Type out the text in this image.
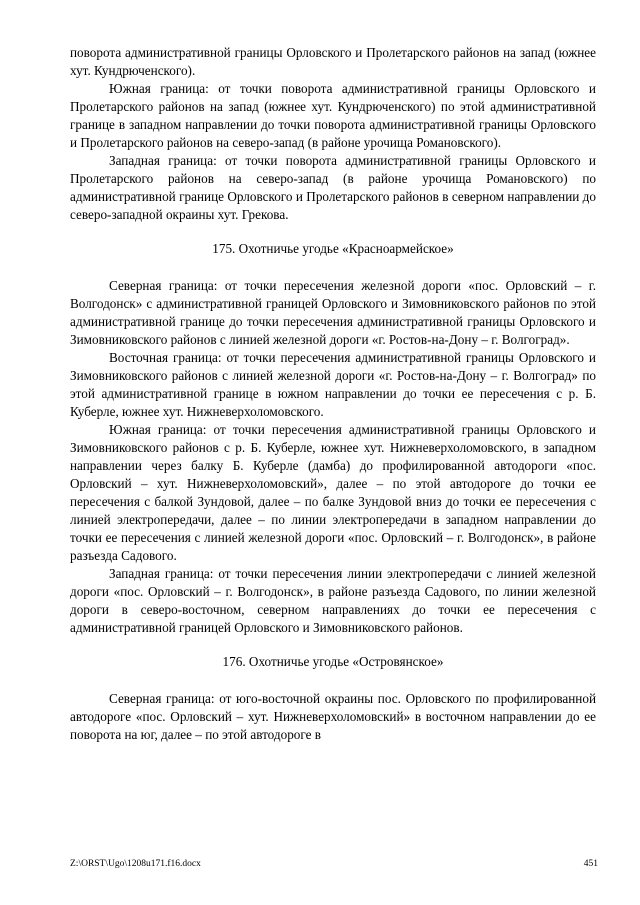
поворота административной границы Орловского и Пролетарского районов на запад (южнее хут. Кундрюченского).

Южная граница: от точки поворота административной границы Орловского и Пролетарского районов на запад (южнее хут. Кундрюченского) по этой административной границе в западном направлении до точки поворота административной границы Орловского и Пролетарского районов на северо-запад (в районе урочища Романовского).

Западная граница: от точки поворота административной границы Орловского и Пролетарского районов на северо-запад (в районе урочища Романовского) по административной границе Орловского и Пролетарского районов в северном направлении до северо-западной окраины хут. Грекова.

175. Охотничье угодье «Красноармейское»

Северная граница: от точки пересечения железной дороги «пос. Орловский – г. Волгодонск» с административной границей Орловского и Зимовниковского районов по этой административной границе до точки пересечения административной границы Орловского и Зимовниковского районов с линией железной дороги «г. Ростов-на-Дону – г. Волгоград».

Восточная граница: от точки пересечения административной границы Орловского и Зимовниковского районов с линией железной дороги «г. Ростов-на-Дону – г. Волгоград» по этой административной границе в южном направлении до точки ее пересечения с р. Б. Куберле, южнее хут. Нижневерхоломовского.

Южная граница: от точки пересечения административной границы Орловского и Зимовниковского районов с р. Б. Куберле, южнее хут. Нижневерхоломовского, в западном направлении через балку Б. Куберле (дамба) до профилированной автодороги «пос. Орловский – хут. Нижневерхоломовский», далее – по этой автодороге до точки ее пересечения с балкой Зундовой, далее – по балке Зундовой вниз до точки ее пересечения с линией электропередачи, далее – по линии электропередачи в западном направлении до точки ее пересечения с линией железной дороги «пос. Орловский – г. Волгодонск», в районе разъезда Садового.

Западная граница: от точки пересечения линии электропередачи с линией железной дороги «пос. Орловский – г. Волгодонск», в районе разъезда Садового, по линии железной дороги в северо-восточном, северном направлениях до точки ее пересечения с административной границей Орловского и Зимовниковского районов.

176. Охотничье угодье «Островянское»

Северная граница: от юго-восточной окраины пос. Орловского по профилированной автодороге «пос. Орловский – хут. Нижневерхоломовский» в восточном направлении до ее поворота на юг, далее – по этой автодороге в

Z:\ORST\Ugo\1208u171.f16.docx	451
